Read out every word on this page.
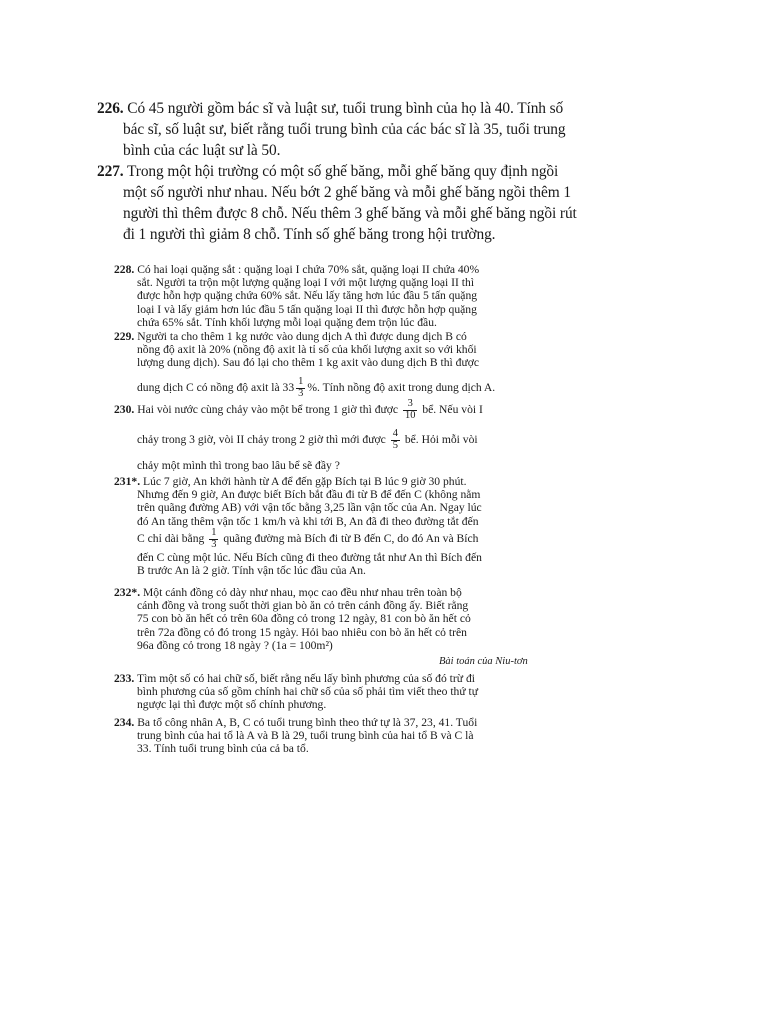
226. Có 45 người gồm bác sĩ và luật sư, tuổi trung bình của họ là 40. Tính số
bác sĩ, số luật sư, biết rằng tuổi trung bình của các bác sĩ là 35, tuổi trung
bình của các luật sư là 50.
227. Trong một hội trường có một số ghế băng, mỗi ghế băng quy định ngồi
một số người như nhau. Nếu bớt 2 ghế băng và mỗi ghế băng ngồi thêm 1
người thì thêm được 8 chỗ. Nếu thêm 3 ghế băng và mỗi ghế băng ngồi rút
đi 1 người thì giảm 8 chỗ. Tính số ghế băng trong hội trường.
228. Có hai loại quặng sắt : quặng loại I chứa 70% sắt, quặng loại II chứa 40%
sắt. Người ta trộn một lượng quặng loại I với một lượng quặng loại II thì
được hỗn hợp quặng chứa 60% sắt. Nếu lấy tăng hơn lúc đầu 5 tấn quặng
loại I và lấy giảm hơn lúc đầu 5 tấn quặng loại II thì được hỗn hợp quặng
chứa 65% sắt. Tính khối lượng mỗi loại quặng đem trộn lúc đầu.
229. Người ta cho thêm 1 kg nước vào dung dịch A thì được dung dịch B có
nồng độ axit là 20% (nồng độ axit là tỉ số của khối lượng axit so với khối
lượng dung dịch). Sau đó lại cho thêm 1 kg axit vào dung dịch B thì được
dung dịch C có nồng độ axit là $33 \frac{1}{3}$ %. Tính nồng độ axit trong dung dịch A.
230. Hai vòi nước cùng chảy vào một bể trong 1 giờ thì được $\frac{3}{10}$ bể. Nếu vòi I
chảy trong 3 giờ, vòi II chảy trong 2 giờ thì mới được $\frac{4}{5}$ bể. Hỏi mỗi vòi
chảy một mình thì trong bao lâu bể sẽ đầy ?
231*. Lúc 7 giờ, An khởi hành từ A để đến gặp Bích tại B lúc 9 giờ 30 phút.
Nhưng đến 9 giờ, An được biết Bích bắt đầu đi từ B để đến C (không nằm
trên quãng đường AB) với vận tốc bằng 3,25 lần vận tốc của An. Ngay lúc
đó An tăng thêm vận tốc 1 km/h và khi tới B, An đã đi theo đường tắt đến
C chỉ dài bằng $\frac{1}{3}$ quãng đường mà Bích đi từ B đến C, do đó An và Bích
đến C cùng một lúc. Nếu Bích cũng đi theo đường tắt như An thì Bích đến
B trước An là 2 giờ. Tính vận tốc lúc đầu của An.
232*. Một cánh đồng cỏ dày như nhau, mọc cao đều như nhau trên toàn bộ
cánh đồng và trong suốt thời gian bò ăn cỏ trên cánh đồng ấy. Biết rằng
75 con bò ăn hết cỏ trên 60a đồng cỏ trong 12 ngày, 81 con bò ăn hết cỏ
trên 72a đồng cỏ đó trong 15 ngày. Hỏi bao nhiêu con bò ăn hết cỏ trên
96a đồng cỏ trong 18 ngày ? (1a = 100m²)
Bài toán của Niu-tơn
233. Tìm một số có hai chữ số, biết rằng nếu lấy bình phương của số đó trừ đi
bình phương của số gồm chính hai chữ số của số phải tìm viết theo thứ tự
ngược lại thì được một số chính phương.
234. Ba tổ công nhân A, B, C có tuổi trung bình theo thứ tự là 37, 23, 41. Tuổi
trung bình của hai tổ là A và B là 29, tuổi trung bình của hai tổ B và C là
33. Tính tuổi trung bình của cả ba tổ.
